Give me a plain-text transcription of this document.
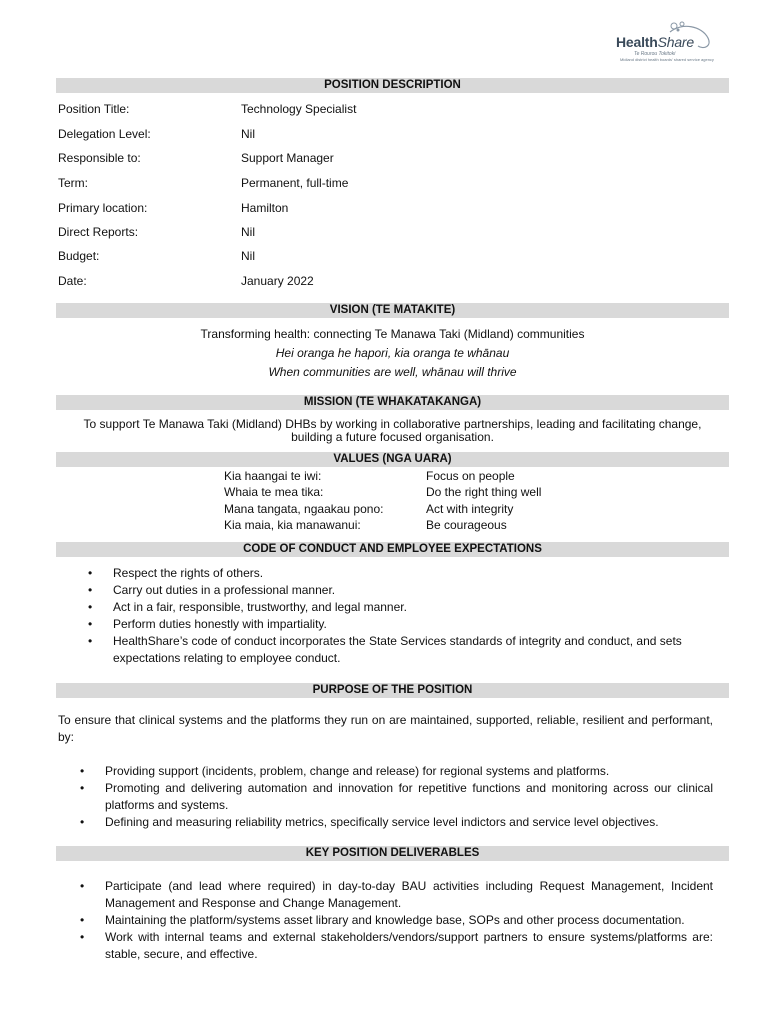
HealthShare
Te Rourou Tokitoki
Midland district health boards' shared service agency
POSITION DESCRIPTION
Position Title:	Technology Specialist
Delegation Level:	Nil
Responsible to:	Support Manager
Term:	Permanent, full-time
Primary location:	Hamilton
Direct Reports:	Nil
Budget:	Nil
Date:	January 2022
VISION (TE MATAKITE)
Transforming health: connecting Te Manawa Taki (Midland) communities
Hei oranga he hapori, kia oranga te whānau
When communities are well, whānau will thrive
MISSION (TE WHAKATAKANGA)
To support Te Manawa Taki (Midland) DHBs by working in collaborative partnerships, leading and facilitating change, building a future focused organisation.
VALUES (NGA UARA)
Kia haangai te iwi:	Focus on people
Whaia te mea tika:	Do the right thing well
Mana tangata, ngaakau pono:	Act with integrity
Kia maia, kia manawanui:	Be courageous
CODE OF CONDUCT AND EMPLOYEE EXPECTATIONS
• Respect the rights of others.
• Carry out duties in a professional manner.
• Act in a fair, responsible, trustworthy, and legal manner.
• Perform duties honestly with impartiality.
• HealthShare’s code of conduct incorporates the State Services standards of integrity and conduct, and sets expectations relating to employee conduct.
PURPOSE OF THE POSITION
To ensure that clinical systems and the platforms they run on are maintained, supported, reliable, resilient and performant, by:
• Providing support (incidents, problem, change and release) for regional systems and platforms.
• Promoting and delivering automation and innovation for repetitive functions and monitoring across our clinical platforms and systems.
• Defining and measuring reliability metrics, specifically service level indictors and service level objectives.
KEY POSITION DELIVERABLES
• Participate (and lead where required) in day-to-day BAU activities including Request Management, Incident Management and Response and Change Management.
• Maintaining the platform/systems asset library and knowledge base, SOPs and other process documentation.
• Work with internal teams and external stakeholders/vendors/support partners to ensure systems/platforms are: stable, secure, and effective.
